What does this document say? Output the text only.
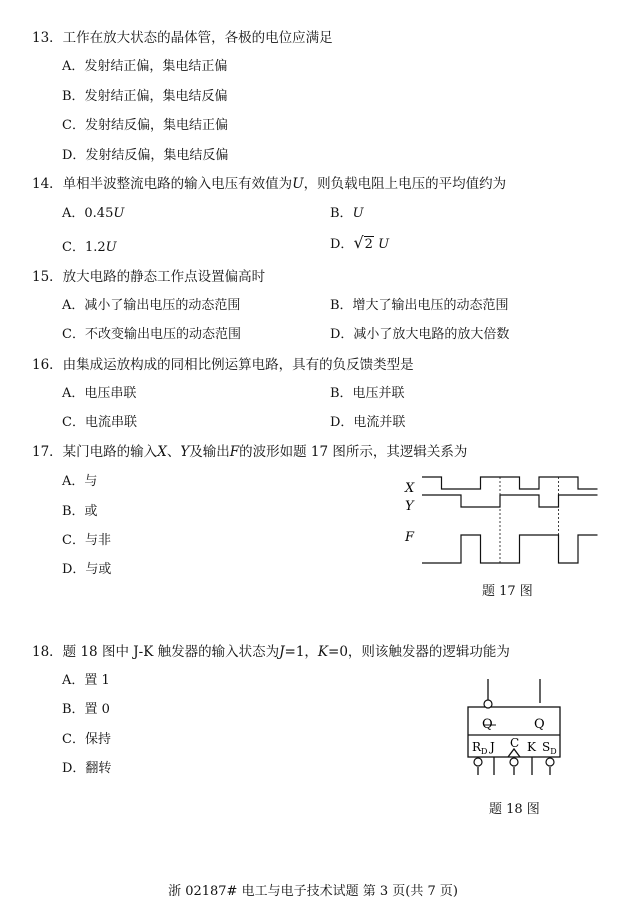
13．工作在放大状态的晶体管，各极的电位应满足
A．发射结正偏，集电结正偏
B．发射结正偏，集电结反偏
C．发射结反偏，集电结正偏
D．发射结反偏，集电结反偏
14．单相半波整流电路的输入电压有效值为U，则负载电阻上电压的平均值约为
A．0.45U	B．U
C．1.2U	D．√2 U
15．放大电路的静态工作点设置偏高时
A．减小了输出电压的动态范围	B．增大了输出电压的动态范围
C．不改变输出电压的动态范围	D．减小了放大电路的放大倍数
16．由集成运放构成的同相比例运算电路，具有的负反馈类型是
A．电压串联	B．电压并联
C．电流串联	D．电流并联
17．某门电路的输入X、Y及输出F的波形如题 17 图所示，其逻辑关系为
A．与
B．或
C．与非
D．与或
X
Y
F
题 17 图
18．题 18 图中 J-K 触发器的输入状态为J=1，K=0，则该触发器的逻辑功能为
A．置 1
B．置 0
C．保持
D．翻转
Q	Q
$R_D$ J C K $S_D$
题 18 图
浙 02187# 电工与电子技术试题 第 3 页(共 7 页)
